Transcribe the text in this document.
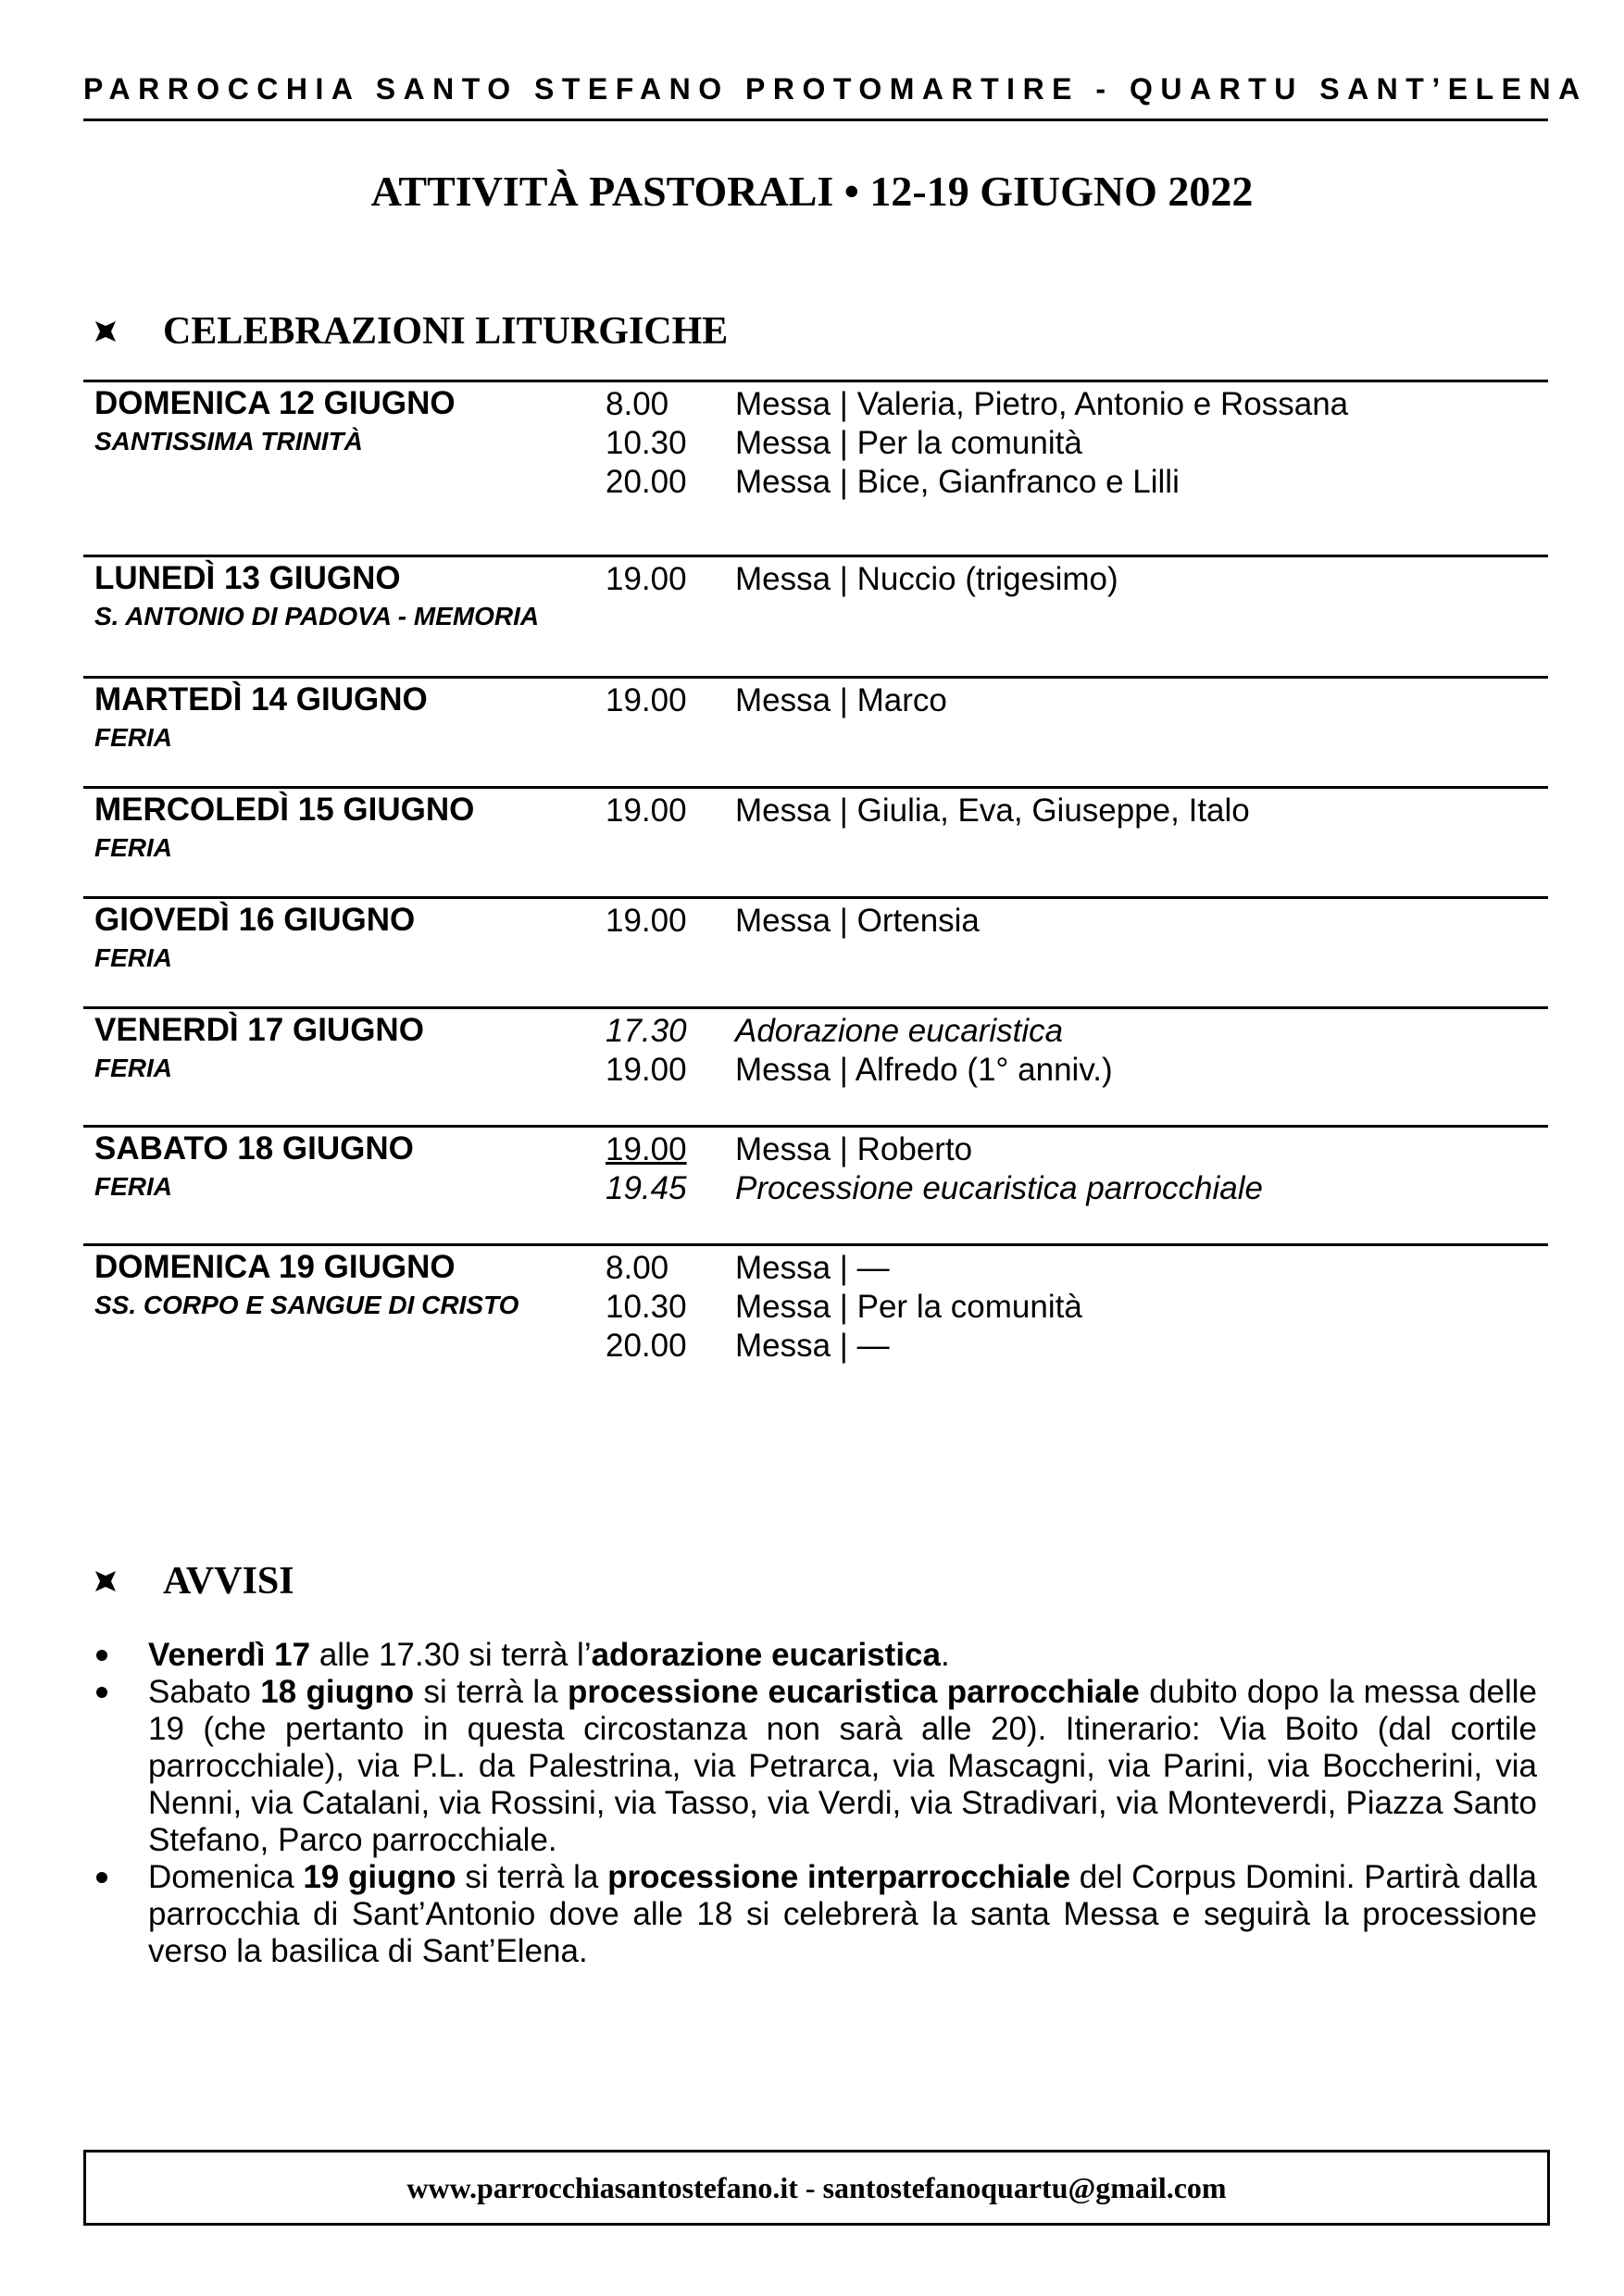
PARROCCHIA SANTO STEFANO PROTOMARTIRE - QUARTU SANT’ELENA
ATTIVITÀ PASTORALI • 12-19 GIUGNO 2022
CELEBRAZIONI LITURGICHE
DOMENICA 12 GIUGNO
SANTISSIMA TRINITÀ
8.00	Messa | Valeria, Pietro, Antonio e Rossana
10.30	Messa | Per la comunità
20.00	Messa | Bice, Gianfranco e Lilli
LUNEDÌ 13 GIUGNO
S. ANTONIO DI PADOVA - MEMORIA
19.00	Messa | Nuccio (trigesimo)
MARTEDÌ 14 GIUGNO
FERIA
19.00	Messa | Marco
MERCOLEDÌ 15 GIUGNO
FERIA
19.00	Messa | Giulia, Eva, Giuseppe, Italo
GIOVEDÌ 16 GIUGNO
FERIA
19.00	Messa | Ortensia
VENERDÌ 17 GIUGNO
FERIA
17.30	Adorazione eucaristica
19.00	Messa | Alfredo (1° anniv.)
SABATO 18 GIUGNO
FERIA
19.00	Messa | Roberto
19.45	Processione eucaristica parrocchiale
DOMENICA 19 GIUGNO
SS. CORPO E SANGUE DI CRISTO
8.00	Messa | —
10.30	Messa | Per la comunità
20.00	Messa | —
AVVISI
Venerdì 17 alle 17.30 si terrà l’adorazione eucaristica.
Sabato 18 giugno si terrà la processione eucaristica parrocchiale dubito dopo la messa delle 19 (che pertanto in questa circostanza non sarà alle 20). Itinerario: Via Boito (dal cortile parrocchiale), via P.L. da Palestrina, via Petrarca, via Mascagni, via Parini, via Boccherini, via Nenni, via Catalani, via Rossini, via Tasso, via Verdi, via Stradivari, via Monteverdi, Piazza Santo Stefano, Parco parrocchiale.
Domenica 19 giugno si terrà la processione interparrocchiale del Corpus Domini. Partirà dalla parrocchia di Sant’Antonio dove alle 18 si celebrerà la santa Messa e seguirà la processione verso la basilica di Sant’Elena.
www.parrocchiasantostefano.it - santostefanoquartu@gmail.com
